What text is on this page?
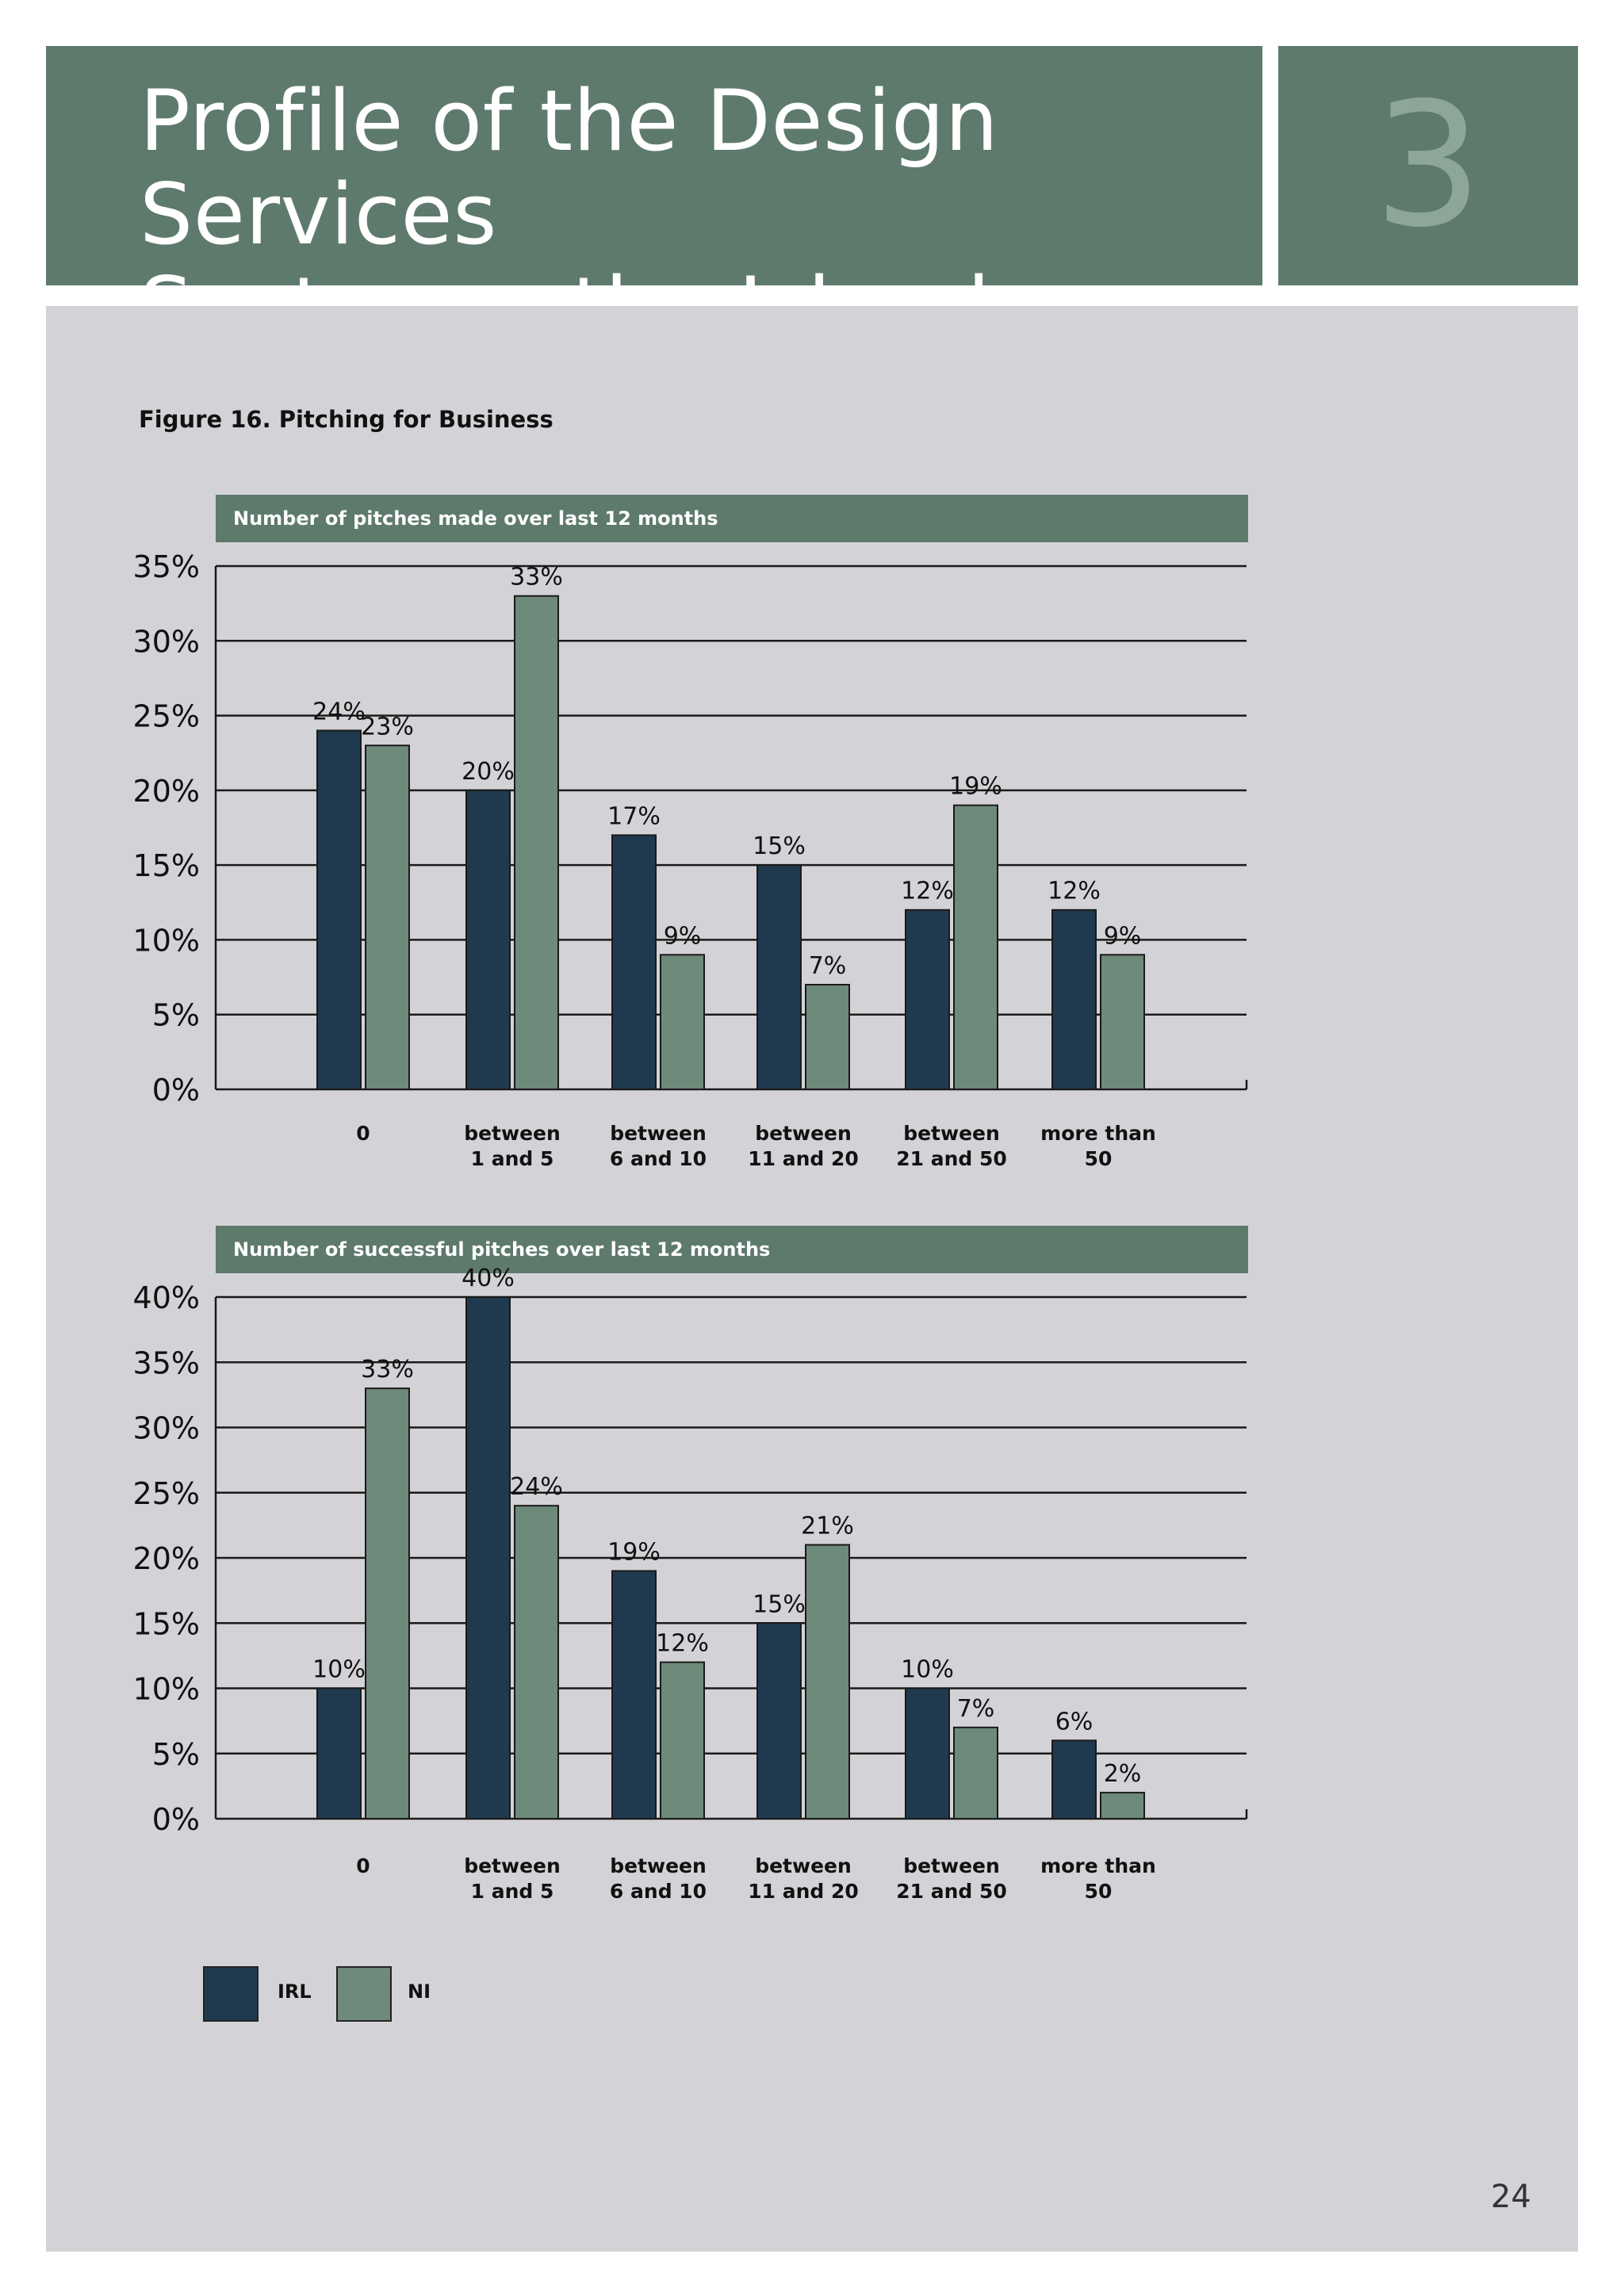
Profile of the Design Services	3
Figure 16. Pitching for Business
Number of pitches made over last 12 months
Number of successful pitches over last 12 months
0%
5%
10%
15%
20%
25%
30%
35%
24%
20%
17%
15%
12%	12%
23%
33%
9%
7%
19%
9%
0	between 1 and 5
between 6 and 10
between 11 and 20
between 21 and 50
more than 50
0%
5%
10%
15%
20%
25%
30%
35%
40%
10%
40%
19%
15%
10%
6%
33%
24%
12%
21%
7%
2%
0	between 1 and 5
between 6 and 10
between 11 and 20
between 21 and 50
more than 50
IRL	NI
24
